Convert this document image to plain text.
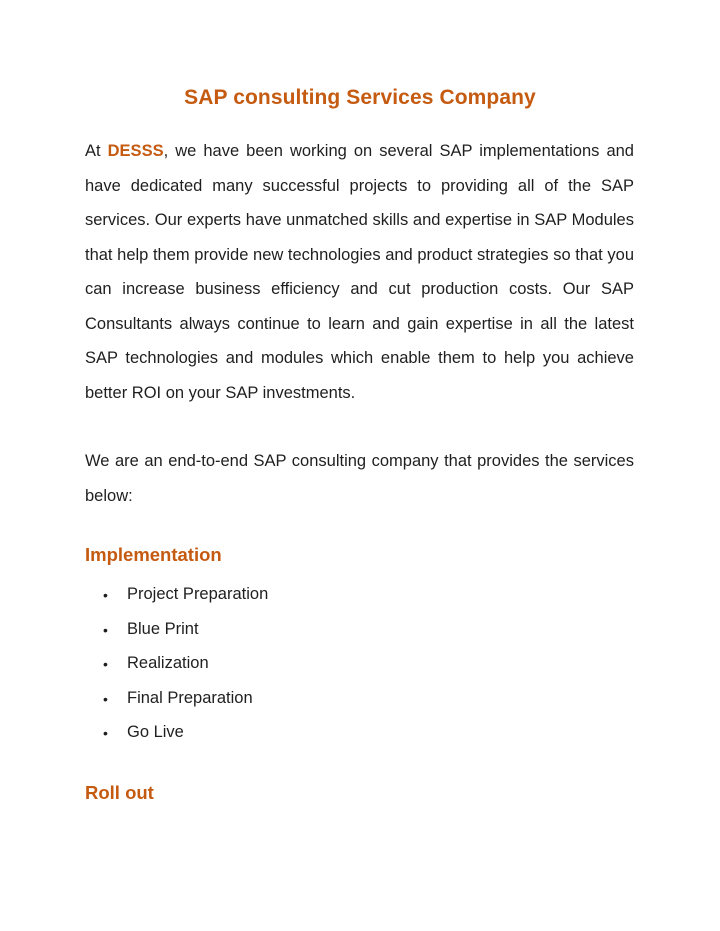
SAP consulting Services Company

At DESSS, we have been working on several SAP implementations and have dedicated many successful projects to providing all of the SAP services. Our experts have unmatched skills and expertise in SAP Modules that help them provide new technologies and product strategies so that you can increase business efficiency and cut production costs. Our SAP Consultants always continue to learn and gain expertise in all the latest SAP technologies and modules which enable them to help you achieve better ROI on your SAP investments.

We are an end-to-end SAP consulting company that provides the services below:

Implementation
• Project Preparation
• Blue Print
• Realization
• Final Preparation
• Go Live
Roll out
